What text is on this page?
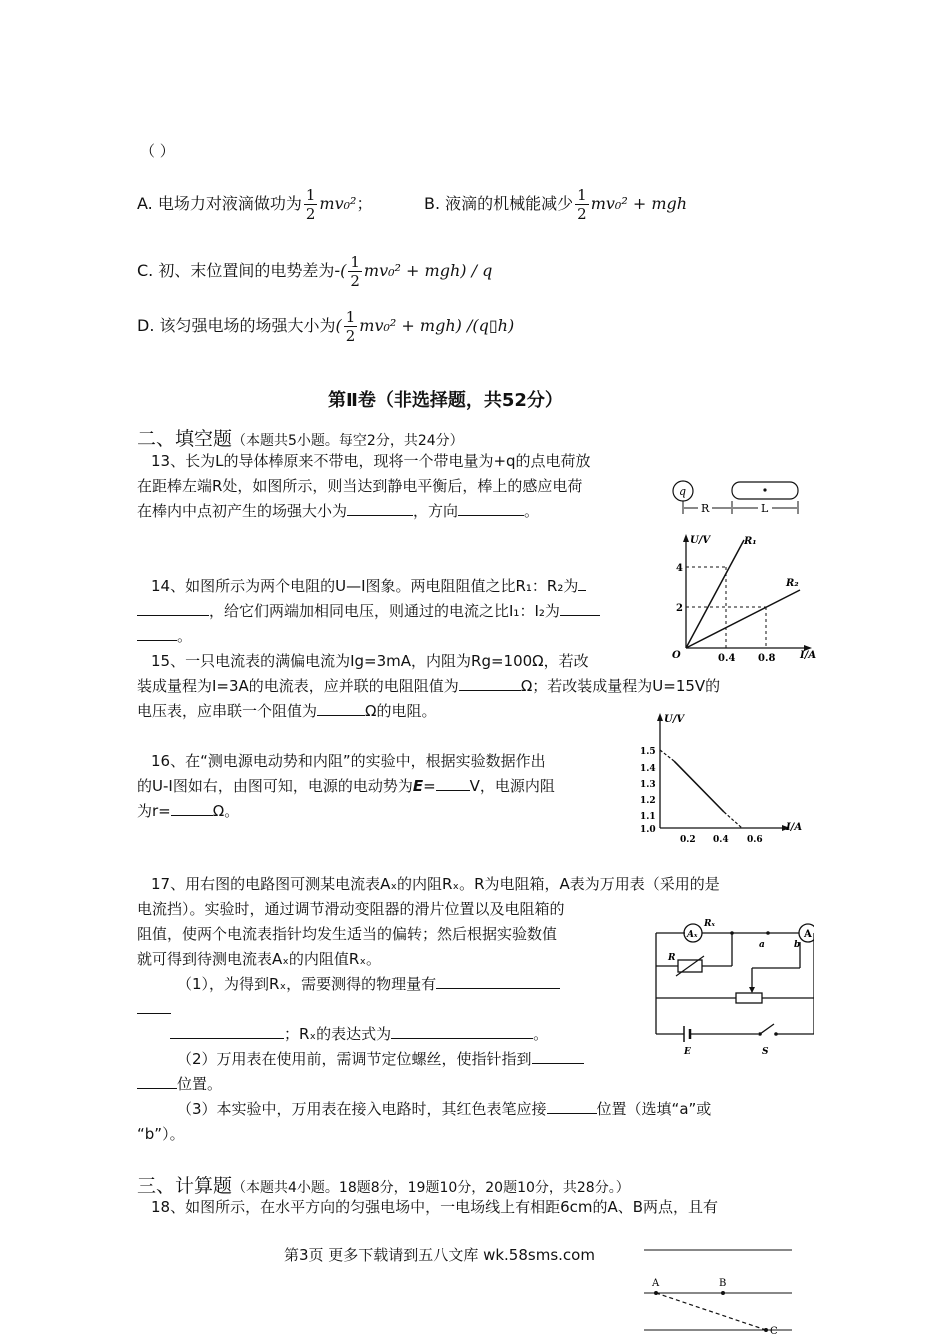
（ ）
A. 电场力对液滴做功为 $\frac{1}{2} mv_0^2$；	B. 液滴的机械能减少 $\frac{1}{2} mv_0^2$ + mgh
C. 初、末位置间的电势差为-( $\frac{1}{2} mv_0^2 + mgh) / q$
D. 该匀强电场的场强大小为( $\frac{1}{2} mv_0^2 + mgh$) /(q▯h)
第Ⅱ卷（非选择题，共52分）
二、填空题（本题共5小题。每空2分，共24分）
13、长为L的导体棒原来不带电，现将一个带电量为+q的点电荷放
在距棒左端R处，如图所示，则当达到静电平衡后，棒上的感应电荷
在棒内中点初产生的场强大小为	，方向	。
q
R	L
14、如图所示为两个电阻的U—I图象。两电阻阻值之比R₁：R₂为
，给它们两端加相同电压，则通过的电流之比I₁：I₂为
。
U/V
I/A
O
4
2
0.4 0.8
R₁
R₂
15、一只电流表的满偏电流为Ig=3mA，内阻为Rg=100Ω，若改
装成量程为I=3A的电流表，应并联的电阻阻值为	Ω；若改装成量程为U=15V的
电压表，应串联一个阻值为	Ω的电阻。
16、在“测电源电动势和内阻”的实验中，根据实验数据作出
的U-I图如右，由图可知，电源的电动势为E= V，电源内阻
为r=	Ω。
U/V
I/A
1.5
1.4
1.3
1.2
1.1
1.0
0.2 0.4 0.6
17、用右图的电路图可测某电流表Aₓ的内阻Rₓ。R为电阻箱，A表为万用表（采用的是
电流挡）。实验时，通过调节滑动变阻器的滑片位置以及电阻箱的
阻值，使两个电流表指针均发生适当的偏转；然后根据实验数值
就可得到待测电流表Aₓ的内阻值Rₓ。
（1），为得到Rₓ，需要测得的物理量有
；Rₓ的表达式为	。
（2）万用表在使用前，需调节定位螺丝，使指针指到
位置。
（3）本实验中，万用表在接入电路时，其红色表笔应接	位置（选填“a”或
“b”）。
Aₓ
Rₓ
A
a	b
R
E	S
三、计算题（本题共4小题。18题8分，19题10分，20题10分，共28分。）
18、如图所示，在水平方向的匀强电场中，一电场线上有相距6cm的A、B两点，且有
第3页 更多下载请到五八文库 wk.58sms.com
A	B
C
